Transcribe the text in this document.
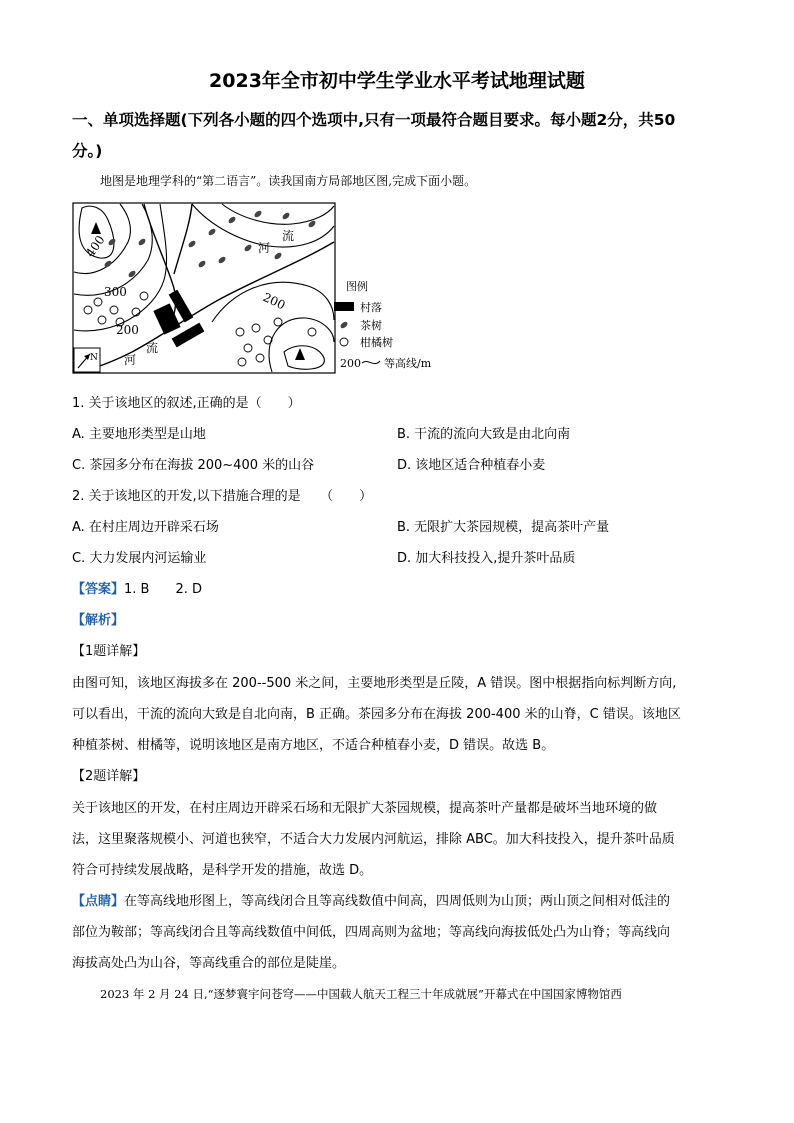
2023年全市初中学生学业水平考试地理试题
一、单项选择题(下列各小题的四个选项中,只有一项最符合题目要求。每小题2分，共50
分。)
地图是地理学科的“第二语言”。读我国南方局部地区图,完成下面小题。
400
300
200
200
河
流
流
河
N
图例
村落
茶树
柑橘树
200 等高线/m
1. 关于该地区的叙述,正确的是（　　）
A. 主要地形类型是山地	B. 干流的流向大致是由北向南
C. 茶园多分布在海拔 200~400 米的山谷	D. 该地区适合种植春小麦
2. 关于该地区的开发,以下措施合理的是　　（　　）
A. 在村庄周边开辟采石场	B. 无限扩大茶园规模，提高茶叶产量
C. 大力发展内河运输业	D. 加大科技投入,提升茶叶品质
【答案】1. B　　2. D
【解析】
【1题详解】
由图可知，该地区海拔多在 200--500 米之间，主要地形类型是丘陵，A 错误。图中根据指向标判断方向,
可以看出，干流的流向大致是自北向南，B 正确。茶园多分布在海拔 200-400 米的山脊，C 错误。该地区
种植茶树、柑橘等，说明该地区是南方地区，不适合种植春小麦，D 错误。故选 B。
【2题详解】
关于该地区的开发，在村庄周边开辟采石场和无限扩大茶园规模，提高茶叶产量都是破坏当地环境的做
法，这里聚落规模小、河道也狭窄，不适合大力发展内河航运，排除 ABC。加大科技投入，提升茶叶品质
符合可持续发展战略，是科学开发的措施，故选 D。
【点睛】在等高线地形图上，等高线闭合且等高线数值中间高，四周低则为山顶；两山顶之间相对低洼的
部位为鞍部；等高线闭合且等高线数值中间低，四周高则为盆地；等高线向海拔低处凸为山脊；等高线向
海拔高处凸为山谷，等高线重合的部位是陡崖。
2023 年 2 月 24 日,“逐梦寰宇问苍穹——中国载人航天工程三十年成就展”开幕式在中国国家博物馆西
